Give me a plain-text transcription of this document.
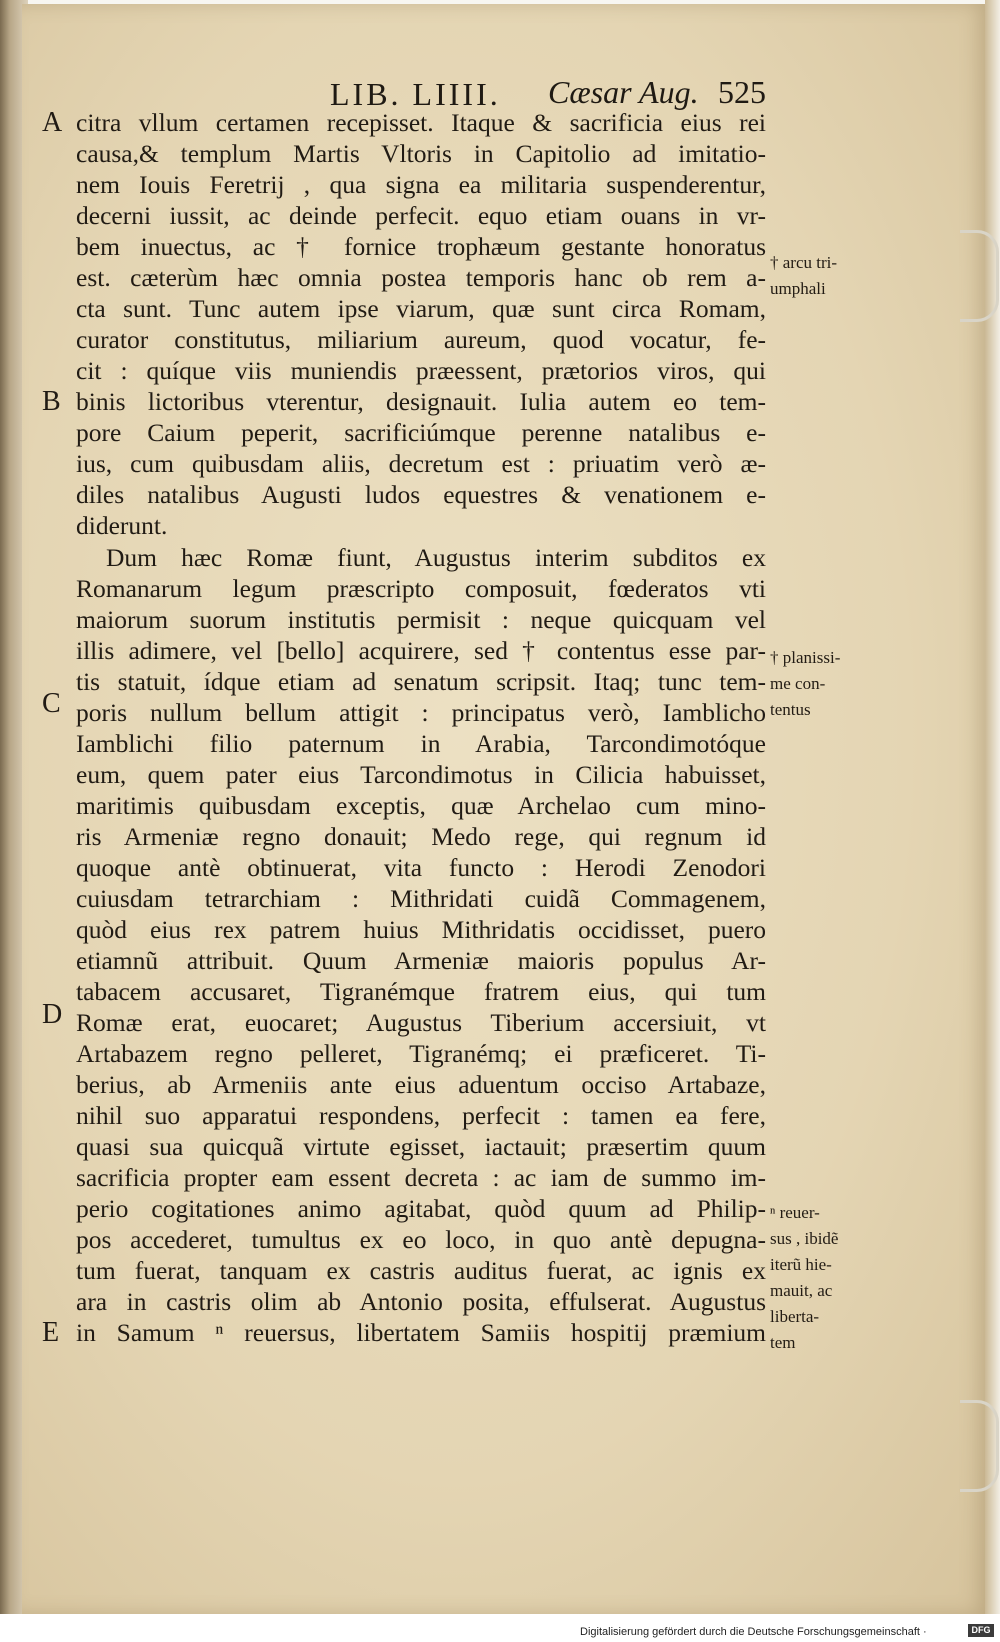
LIB. LIIII. Cæsar Aug. 525
A
B
C
D
E
citra vllum certamen recepisset. Itaque & sacrificia eius rei
causa,& templum Martis Vltoris in Capitolio ad imitatio-
nem Iouis Feretrij , qua signa ea militaria suspenderentur,
decerni iussit, ac deinde perfecit. equo etiam ouans in vr-
bem inuectus, ac † fornice trophæum gestante honoratus
est. cæterùm hæc omnia postea temporis hanc ob rem a-
cta sunt. Tunc autem ipse viarum, quæ sunt circa Romam,
curator constitutus, miliarium aureum, quod vocatur, fe-
cit : quíque viis muniendis præessent, prætorios viros, qui
binis lictoribus vterentur, designauit. Iulia autem eo tem-
pore Caium peperit, sacrificiúmque perenne natalibus e-
ius, cum quibusdam aliis, decretum est : priuatim verò æ-
diles natalibus Augusti ludos equestres & venationem e-
diderunt.
Dum hæc Romæ fiunt, Augustus interim subditos ex
Romanarum legum præscripto composuit, fœderatos vti
maiorum suorum institutis permisit : neque quicquam vel
illis adimere, vel [bello] acquirere, sed † contentus esse par-
tis statuit, ídque etiam ad senatum scripsit. Itaq; tunc tem-
poris nullum bellum attigit : principatus verò, Iamblicho
Iamblichi filio paternum in Arabia, Tarcondimotóque
eum, quem pater eius Tarcondimotus in Cilicia habuisset,
maritimis quibusdam exceptis, quæ Archelao cum mino-
ris Armeniæ regno donauit; Medo rege, qui regnum id
quoque antè obtinuerat, vita functo : Herodi Zenodori
cuiusdam tetrarchiam : Mithridati cuidã Commagenem,
quòd eius rex patrem huius Mithridatis occidisset, puero
etiamnũ attribuit. Quum Armeniæ maioris populus Ar-
tabacem accusaret, Tigranémque fratrem eius, qui tum
Romæ erat, euocaret; Augustus Tiberium accersiuit, vt
Artabazem regno pelleret, Tigranémq; ei præficeret. Ti-
berius, ab Armeniis ante eius aduentum occiso Artabaze,
nihil suo apparatui respondens, perfecit : tamen ea fere,
quasi sua quicquã virtute egisset, iactauit; præsertim quum
sacrificia propter eam essent decreta : ac iam de summo im-
perio cogitationes animo agitabat, quòd quum ad Philip-
pos accederet, tumultus ex eo loco, in quo antè depugna-
tum fuerat, tanquam ex castris auditus fuerat, ac ignis ex
ara in castris olim ab Antonio posita, effulserat. Augustus
in Samum ⁿ reuersus, libertatem Samiis hospitij præmium
† arcu tri-
umphali
† planissi-
me con-
tentus
ⁿ reuer-
sus , ibidẽ
iterũ hie-
mauit, ac
liberta-
tem
Digitalisierung gefördert durch die Deutsche Forschungsgemeinschaft ·	DFG
